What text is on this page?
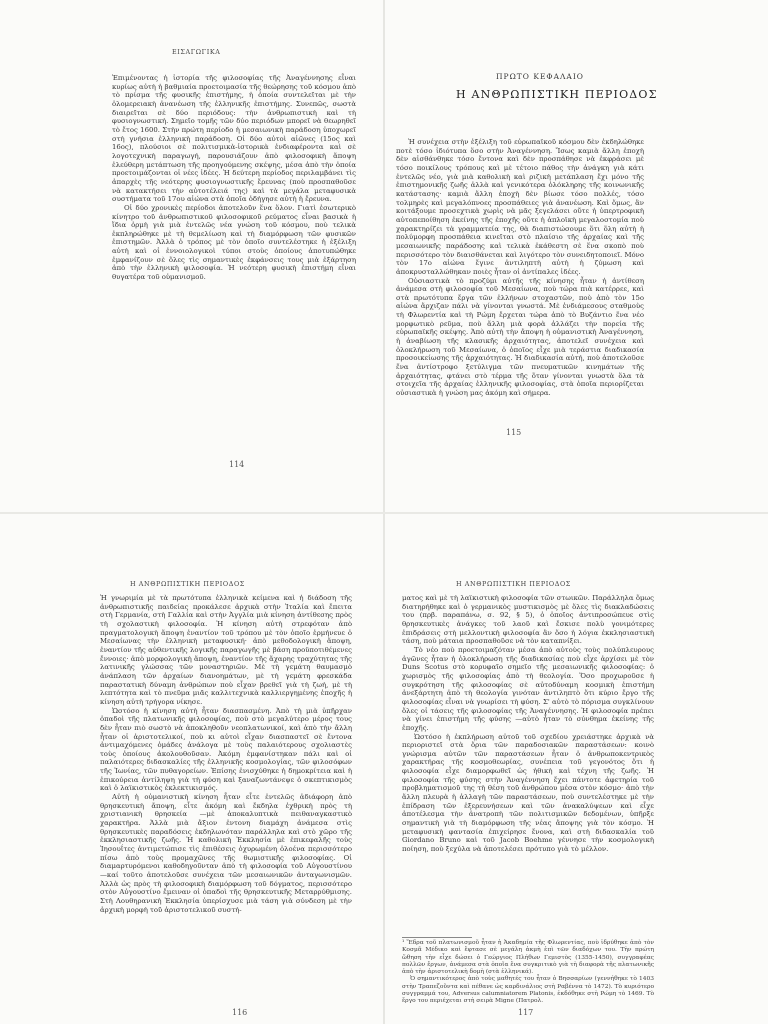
ΕΙΣΑΓΩΓΙΚΑ

Ἐπιμένοντας ἡ ἱστορία τῆς φιλοσοφίας τῆς Ἀναγέννησης εἶναι κυρίως αὐτὴ ἡ βαθμιαία προετοιμασία τῆς θεώρησης τοῦ κόσμου ἀπὸ τὸ πρίσμα τῆς φυσικῆς ἐπιστήμης, ἡ ὁποία συντελεῖται μὲ τὴν ὁλομερειακὴ ἀνανέωση τῆς ἑλληνικῆς ἐπιστήμης. Συνεπῶς, σωστὰ διαιρεῖται σὲ δύο περιόδους: τὴν ἀνθρωπιστικὴ καὶ τὴ φυσιογνωστική. Σημεῖο τομῆς τῶν δύο περιόδων μπορεῖ νὰ θεωρηθεῖ τὸ ἔτος 1600. Στὴν πρώτη περίοδο ἡ μεσαιωνικὴ παράδοση ὑποχωρεῖ στὴ γνήσια ἑλληνικὴ παράδοση. Οἱ δύο αὐτοὶ αἰῶνες (15ος καὶ 16ος), πλούσιοι σὲ πολιτισμικὰ-ἱστορικὰ ἐνδιαφέροντα καὶ σὲ λογοτεχνικὴ παραγωγή, παρουσιάζουν ἀπὸ φιλοσοφικὴ ἄποψη ἐλεύθερη μετάπτωση τῆς προηγούμενης σκέψης, μέσα ἀπὸ τὴν ὁποία προετοιμάζονται οἱ νέες ἰδέες. Ἡ δεύτερη περίοδος περιλαμβάνει τὶς ἀπαρχὲς τῆς νεότερης φυσιογνωστικῆς ἔρευνας (ποὺ προσπαθοῦσε νὰ κατακτήσει τὴν αὐτοτέλειά της) καὶ τὰ μεγάλα μεταφυσικὰ συστήματα τοῦ 17ου αἰώνα στὰ ὁποῖα ὁδήγησε αὐτὴ ἡ ἔρευνα.

Οἱ δύο χρονικὲς περίοδοι ἀποτελοῦν ἕνα ὅλον. Γιατὶ ἐσωτερικὸ κίνητρο τοῦ ἀνθρωπιστικοῦ φιλοσοφικοῦ ρεύματος εἶναι βασικὰ ἡ ἴδια ὁρμὴ γιὰ μιὰ ἐντελῶς νέα γνώση τοῦ κόσμου, ποὺ τελικὰ ἐκπληρώθηκε μὲ τὴ θεμελίωση καὶ τὴ διαμόρφωση τῶν φυσικῶν ἐπιστημῶν. Ἀλλὰ ὁ τρόπος μὲ τὸν ὁποῖο συντελέστηκε ἡ ἐξέλιξη αὐτὴ καὶ οἱ ἐννοιολογικοὶ τύποι στοὺς ὁποίους ἀποτυπώθηκε ἐμφανίζουν σὲ ὅλες τὶς σημαντικὲς ἐκφάνσεις τους μιὰ ἐξάρτηση ἀπὸ τὴν ἑλληνικὴ φιλοσοφία. Ἡ νεότερη φυσικὴ ἐπιστήμη εἶναι θυγατέρα τοῦ οὑμανισμοῦ.

114
ΠΡΩΤΟ ΚΕΦΑΛΑΙΟ
Η ΑΝΘΡΩΠΙΣΤΙΚΗ ΠΕΡΙΟΔΟΣ

Ἡ συνέχεια στὴν ἐξέλιξη τοῦ εὐρωπαϊκοῦ κόσμου δὲν ἐκδηλώθηκε ποτὲ τόσο ἰδιότυπα ὅσο στὴν Ἀναγέννηση. Ἴσως καμιὰ ἄλλη ἐποχὴ δὲν αἰσθάνθηκε τόσο ἔντονα καὶ δὲν προσπάθησε νὰ ἐκφράσει μὲ τόσο ποικίλους τρόπους καὶ μὲ τέτοιο πάθος τὴν ἀνάγκη γιὰ κάτι ἐντελῶς νέο, γιὰ μιὰ καθολικὴ καὶ ριζικὴ μετάπλαση ἔχι μόνο τῆς ἐπιστημονικῆς ζωῆς ἀλλὰ καὶ γενικότερα ὁλόκληρης τῆς κοινωνικῆς κατάστασης· καμιὰ ἄλλη ἐποχὴ δὲν βίωσε τόσο πολλές, τόσο τολμηρὲς καὶ μεγαλόπνοες προσπάθειες γιὰ ἀνανέωση. Καὶ ὅμως, ἂν κοιτάξουμε προσεχτικὰ χωρὶς νὰ μᾶς ξεγελάσει οὔτε ἡ ὑπερτροφικὴ αὐτοπεποίθηση ἐκείνης τῆς ἐποχῆς οὔτε ἡ ἀπλοϊκὴ μεγαλοστομία ποὺ χαρακτηρίζει τὰ γραμματεία της, θὰ διαπιστώσουμε ὅτι ὅλη αὐτὴ ἡ πολύμορφη προσπάθεια κινεῖται στὸ πλαίσιο τῆς ἀρχαίας καὶ τῆς μεσαιωνικῆς παράδοσης καὶ τελικὰ ἐκάθεστη σὲ ἕνα σκοπὸ ποὺ περισσότερο τὸν διαισθάνεται καὶ λιγότερο τὸν συνειδητοποιεῖ. Μόνο τὸν 17ο αἰώνα ἔγινε ἀντιληπτὴ αὐτὴ ἡ ζύμωση καὶ ἀποκρυσταλλώθηκαν ποιὲς ἦταν οἱ ἀντίπαλες ἰδέες.

Οὐσιαστικὰ τὸ προζύμι αὐτῆς τῆς κίνησης ἦταν ἡ ἀντίθεση ἀνάμεσα στὴ φιλοσοφία τοῦ Μεσαίωνα, ποὺ τώρα πιὰ κατέρρεε, καὶ στὰ πρωτότυπα ἔργα τῶν ἑλλήνων στοχαστῶν, ποὺ ἀπὸ τὸν 15ο αἰώνα ἄρχιζαν πάλι νὰ γίνονται γνωστά. Μὲ ἐνδιάμεσους σταθμοὺς τὴ Φλωρεντία καὶ τὴ Ρώμη ἔρχεται τώρα ἀπὸ τὸ Βυζάντιο ἕνα νέο μορφωτικὸ ρεῦμα, ποὺ ἄλλη μιὰ φορὰ ἀλλάζει τὴν πορεία τῆς εὐρωπαϊκῆς σκέψης. Ἀπὸ αὐτὴ τὴν ἄποψη ἡ οὑμανιστικὴ Ἀναγέννηση, ἡ ἀναβίωση τῆς κλασικῆς ἀρχαιότητας, ἀποτελεῖ συνέχεια καὶ ὁλοκλήρωση τοῦ Μεσαίωνα, ὁ ὁποῖος εἶχε μιὰ τεράστια διαδικασία προσοικείωσης τῆς ἀρχαιότητας. Ἡ διαδικασία αὐτή, ποὺ ἀποτελοῦσε ἕνα ἀντίστροφο ξετύλιγμα τῶν πνευματικῶν κινημάτων τῆς ἀρχαιότητας, φτάνει στὸ τέρμα τῆς ὅταν γίνονται γνωστὰ ὅλα τὰ στοιχεῖα τῆς ἀρχαίας ἑλληνικῆς φιλοσοφίας, στὰ ὁποῖα περιορίζεται οὐσιαστικὰ ἡ γνώση μας ἀκόμη καὶ σήμερα.

115
Η ΑΝΘΡΩΠΙΣΤΙΚΗ ΠΕΡΙΟΔΟΣ

Ἡ γνωριμία μὲ τὰ πρωτότυπα ἑλληνικὰ κείμενα καὶ ἡ διάδοση τῆς ἀνθρωπιστικῆς παιδείας προκάλεσε ἀρχικὰ στὴν Ἰταλία καὶ ἔπειτα στὴ Γερμανία, στὴ Γαλλία καὶ στὴν Ἀγγλία μιὰ κίνηση ἀντίθεσης πρὸς τὴ σχολαστικὴ φιλοσοφία. Ἡ κίνηση αὐτὴ στρεφόταν ἀπὸ πραγματολογικὴ ἄποψη ἐναντίον τοῦ τρόπου μὲ τὸν ὁποῖο ἑρμήνευε ὁ Μεσαίωνας τὴν ἑλληνικὴ μεταφυσική· ἀπὸ μεθοδολογικὴ ἄποψη, ἐναντίον τῆς αὐθεντικῆς λογικῆς παραγωγῆς μὲ βάση προϋποτιθέμενες ἔννοιες· ἀπὸ μορφολογικὴ ἄποψη, ἐναντίον τῆς ἄχαρης τραχύτητας τῆς λατινικῆς γλώσσας τῶν μοναστηριῶν. Μὲ τὴ γεμάτη θαυμασμὸ ἀνάπλαση τῶν ἀρχαίων διανοημάτων, μὲ τὴ γεμάτη φρεσκάδα παραστατικὴ δύναμη ἀνθρώπων ποὺ εἶχαν βρεθεῖ γιὰ τὴ ζωή, μὲ τὴ λεπτότητα καὶ τὸ πνεῦμα μιᾶς καλλιτεχνικὰ καλλιεργημένης ἐποχῆς ἡ κίνηση αὐτὴ τρήγορα νίκησε.

Ὡστόσο ἡ κίνηση αὐτὴ ἦταν διασπασμένη. Ἀπὸ τὴ μιὰ ὑπῆρχαν ὀπαδοὶ τῆς πλατωνικῆς φιλοσοφίας, ποὺ στὸ μεγαλύτερο μέρος τους δὲν ἦταν πιὸ σωστὸ νὰ ἀποκληθοῦν νεοπλατωνικοί, καὶ ἀπὸ τὴν ἄλλη ἦταν οἱ ἀριστοτελικοί, ποὺ κι αὐτοὶ εἶχαν διασπαστεῖ σὲ ἔντονα ἀντιμαχόμενες ὁμάδες ἀνάλογα μὲ τοὺς παλαιότερους σχολιαστὲς τοὺς ὁποίους ἀκολουθοῦσαν. Ἀκόμη ἐμφανίστηκαν πάλι καὶ οἱ παλαιότερες διδασκαλίες τῆς ἑλληνικῆς κοσμολογίας, τῶν φιλοσόφων τῆς Ἰωνίας, τῶν πυθαγορείων. Ἐπίσης ἐνισχύθηκε ἡ δημοκρίτεια καὶ ἡ ἐπικούρεια ἀντίληψη γιὰ τὴ φύση καὶ ξαναζωντάνεψε ὁ σκεπτικισμὸς καὶ ὁ λαϊκιστικὸς ἐκλεκτικισμός.

Αὐτὴ ἡ οὑμανιστικὴ κίνηση ἦταν εἶτε ἐντελῶς ἀδιάφορη ἀπὸ θρησκευτικὴ ἄποψη, εἶτε ἀκόμη καὶ ἔκδηλα ἐχθρικὴ πρὸς τὴ χριστιανικὴ θρησκεία —μὲ ἀποκαλυπτικὰ πειθαναγκαστικὸ χαρακτήρα. Ἀλλὰ μιὰ ἄξιον ἐντονη διαμάχη ἀνάμεσα στὶς θρησκευτικὲς παραδόσεις ἐκδηλωνόταν παράλληλα καὶ στὸ χῶρο τῆς ἐκκλησιαστικῆς ζωῆς. Ἡ καθολικὴ Ἐκκλησία μὲ ἐπικεφαλῆς τοὺς Ἰησουΐτες ἀντιμετώπισε τὶς ἐπιθέσεις ὀχυρωμένη ὁλοένα περισσότερο πίσω ἀπὸ τοὺς προμαχῶνες τῆς θωμιστικῆς φιλοσοφίας. Οἱ διαμαρτυρόμενοι καθοδηγοῦνταν ἀπὸ τὴ φιλοσοφία τοῦ Αὐγουστίνου —καί τοῦτο ἀποτελοῦσε συνέχεια τῶν μεσαιωνικῶν ἀνταγωνισμῶν. Ἀλλὰ ὡς πρὸς τὴ φιλοσοφικὴ διαμόρφωση τοῦ δόγματος, περισσότερο στὸν Αὐγουστίνο ἔμειναν οἱ ὀπαδοὶ τῆς θρησκευτικῆς Μεταρρύθμισης. Στὴ Λουθηρανικὴ Ἐκκλησία ὑπερίσχυσε μιὰ τάση γιὰ σύνδεση μὲ τὴν ἀρχικὴ μορφὴ τοῦ ἀριστοτελικοῦ συστή-

116
Η ΑΝΘΡΩΠΙΣΤΙΚΗ ΠΕΡΙΟΔΟΣ

ματος καὶ μὲ τὴ λαϊκιστικὴ φιλοσοφία τῶν στωικῶν. Παράλληλα ὅμως διατηρήθηκε καὶ ὁ γερμανικὸς μυστικισμὸς μὲ ὅλες τὶς διακλαδώσεις του (πρβ. παραπάνω, σ. 92, § 5), ὁ ὁποῖος ἀντιπροσώπευε στὶς θρησκευτικὲς ἀνάγκες τοῦ λαοῦ καὶ ἔσκισε πολὺ γονιμότερες ἐπιδράσεις στὴ μελλοντικὴ φιλοσοφία ἂν ὅσο ἡ λόγια ἐκκλησιαστικὴ τάση, ποὺ μάταια προσπαθοῦσε νὰ τὸν καταπνίξει.

Τὸ νέο ποὺ προετοιμαζόταν μέσα ἀπὸ αὐτοὺς τοὺς πολύπλευρους ἀγῶνες ἦταν ἡ ὁλοκλήρωση τῆς διαδικασίας ποὺ εἶχε ἀρχίσει μὲ τὸν Duns Scotus στὸ κορυφαῖο σημεῖο τῆς μεσαιωνικῆς φιλοσοφίας: ὁ χωρισμὸς τῆς φιλοσοφίας ἀπὸ τὴ θεολογία. Ὅσο προχωροῦσε ἡ συγκρότηση τῆς φιλοσοφίας σὲ αὐτοδύναμη κοσμικὴ ἐπιστήμη ἀνεξάρτητη ἀπὸ τὴ θεολογία γινόταν ἀντιληπτὸ ὅτι κύριο ἔργο τῆς φιλοσοφίας εἶναι νὰ γνωρίσει τὴ φύση. Σ' αὐτὸ τὸ πόρισμα συγκλίνουν ὅλες οἱ τάσεις τῆς φιλοσοφίας τῆς Ἀναγέννησης. Ἡ φιλοσοφία πρέπει νὰ γίνει ἐπιστήμη τῆς φύσης —αὐτὸ ἦταν τὸ σύνθημα ἐκείνης τῆς ἐποχῆς.

Ὡστόσο ἡ ἐκπλήρωση αὐτοῦ τοῦ σχεδίου χρειάστηκε ἀρχικὰ νὰ περιοριστεῖ στὰ ὅρια τῶν παραδοσιακῶν παραστάσεων: κοινὸ γνώρισμα αὐτῶν τῶν παραστάσεων ἦταν ὁ ἀνθρωποκεντρικὸς χαρακτήρας τῆς κοσμοθεωρίας, συνέπεια τοῦ γεγονότος ὅτι ἡ φιλοσοφία εἶχε διαμορφωθεῖ ὡς ἠθικὴ καὶ τέχνη τῆς ζωῆς. Ἡ φιλοσοφία τῆς φύσης στὴν Ἀναγέννηση ἔχει πάντοτε ἀφετηρία τοῦ προβληματισμοῦ της τὴ θέση τοῦ ἀνθρώπου μέσα στὸν κόσμο· ἀπὸ τὴν ἄλλη πλευρὰ ἡ ἀλλαγὴ τῶν παραστάσεων, ποὺ συντελέστηκε μὲ τὴν ἐπίδραση τῶν ἐξερευνήσεων καὶ τῶν ἀνακαλύψεων καὶ εἶχε ἀποτέλεσμα τὴν ἀνατροπὴ τῶν πολιτισμικῶν δεδομένων, ὑπῆρξε σημαντικὴ γιὰ τὴ διαμόρφωση τῆς νέας ἄποψης γιὰ τὸν κόσμο. Ἡ μεταφυσικὴ φαντασία ἐπιχείρησε ἔνονα, καὶ στὴ διδασκαλία τοῦ Giordano Bruno καὶ τοῦ Jacob Boehme γέννησε τὴν κοσμολογικὴ ποίηση, ποὺ ξεχύλα νὰ ἀποτελέσει πρότυπο γιὰ τὸ μέλλον.

¹ Ἕδρα τοῦ πλατωνισμοῦ ἦταν ἡ Ἀκαδημία τῆς Φλωρεντίας, ποὺ ἱδρύθηκε ἀπὸ τὸν Κοσμᾶ Μέδικο καὶ ἔφτασε σὲ μεγάλη ἀκμὴ ἐπὶ τῶν διαδόχων του. Τὴν πρώτη ὤθηση τὴν εἶχε δώσει ὁ Γεώργιος Πλήθων Γεμιστὸς (1355-1450), συγγραφέας πολλῶν ἔργων, ἀνάμεσα στὰ ὁποῖα ἕνα συγκριτικὸ γιὰ τὴ διαφορὰ τῆς πλατωνικῆς ἀπὸ τὴν ἀριστοτελικὴ δομὴ (στὰ ἑλληνικά).
Ὁ σημαντικότερος ἀπὸ τοὺς μαθητές του ἦταν ὁ Βησσαρίων (γεννήθηκε τὸ 1403 στὴν Τραπεζοῦντα καὶ πέθανε ὡς καρδινάλιος στὴ Ραβέννα τὸ 1472). Τὸ κυριότερο συγγραμμά του, Adversus calumniatorem Platonis, ἐκδόθηκε στὴ Ρώμη τὸ 1469. Τὸ ἔργο του περιέχεται στὴ σειρὰ Migne (Πατρολ.
117
